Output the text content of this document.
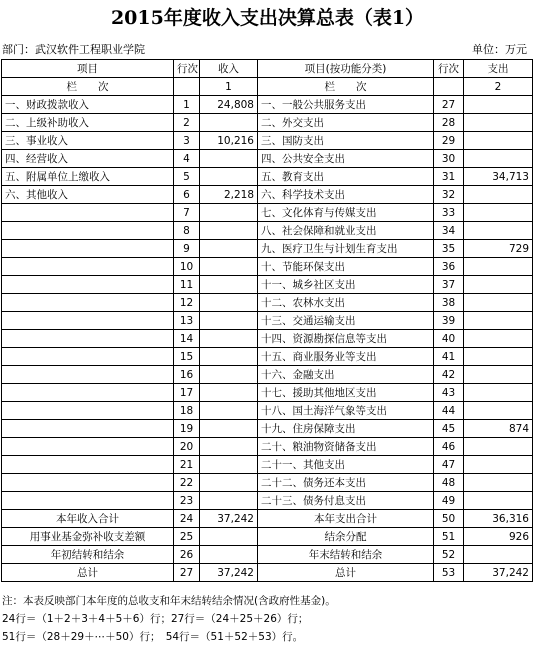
2015年度收入支出决算总表（表1）
部门：武汉软件工程职业学院	单位：万元
项目	行次	收入	项目(按功能分类)	行次	支出
栏　　次		1	栏　　次		2
一、财政拨款收入	1	24,808	一、一般公共服务支出	27	
二、上级补助收入	2		二、外交支出	28	
三、事业收入	3	10,216	三、国防支出	29	
四、经营收入	4		四、公共安全支出	30	
五、附属单位上缴收入	5		五、教育支出	31	34,713
六、其他收入	6	2,218	六、科学技术支出	32	
	7		七、文化体育与传媒支出	33	
	8		八、社会保障和就业支出	34	
	9		九、医疗卫生与计划生育支出	35	729
	10		十、节能环保支出	36	
	11		十一、城乡社区支出	37	
	12		十二、农林水支出	38	
	13		十三、交通运输支出	39	
	14		十四、资源勘探信息等支出	40	
	15		十五、商业服务业等支出	41	
	16		十六、金融支出	42	
	17		十七、援助其他地区支出	43	
	18		十八、国土海洋气象等支出	44	
	19		十九、住房保障支出	45	874
	20		二十、粮油物资储备支出	46	
	21		二十一、其他支出	47	
	22		二十二、债务还本支出	48	
	23		二十三、债务付息支出	49	
本年收入合计	24	37,242	本年支出合计	50	36,316
用事业基金弥补收支差额	25		结余分配	51	926
年初结转和结余	26		年末结转和结余	52	
总计	27	37,242	总计	53	37,242
注：本表反映部门本年度的总收支和年末结转结余情况(含政府性基金)。
24行＝（1＋2＋3＋4＋5＋6）行；27行＝（24＋25＋26）行；
51行＝（28＋29＋⋯＋50）行；　54行＝（51＋52＋53）行。
